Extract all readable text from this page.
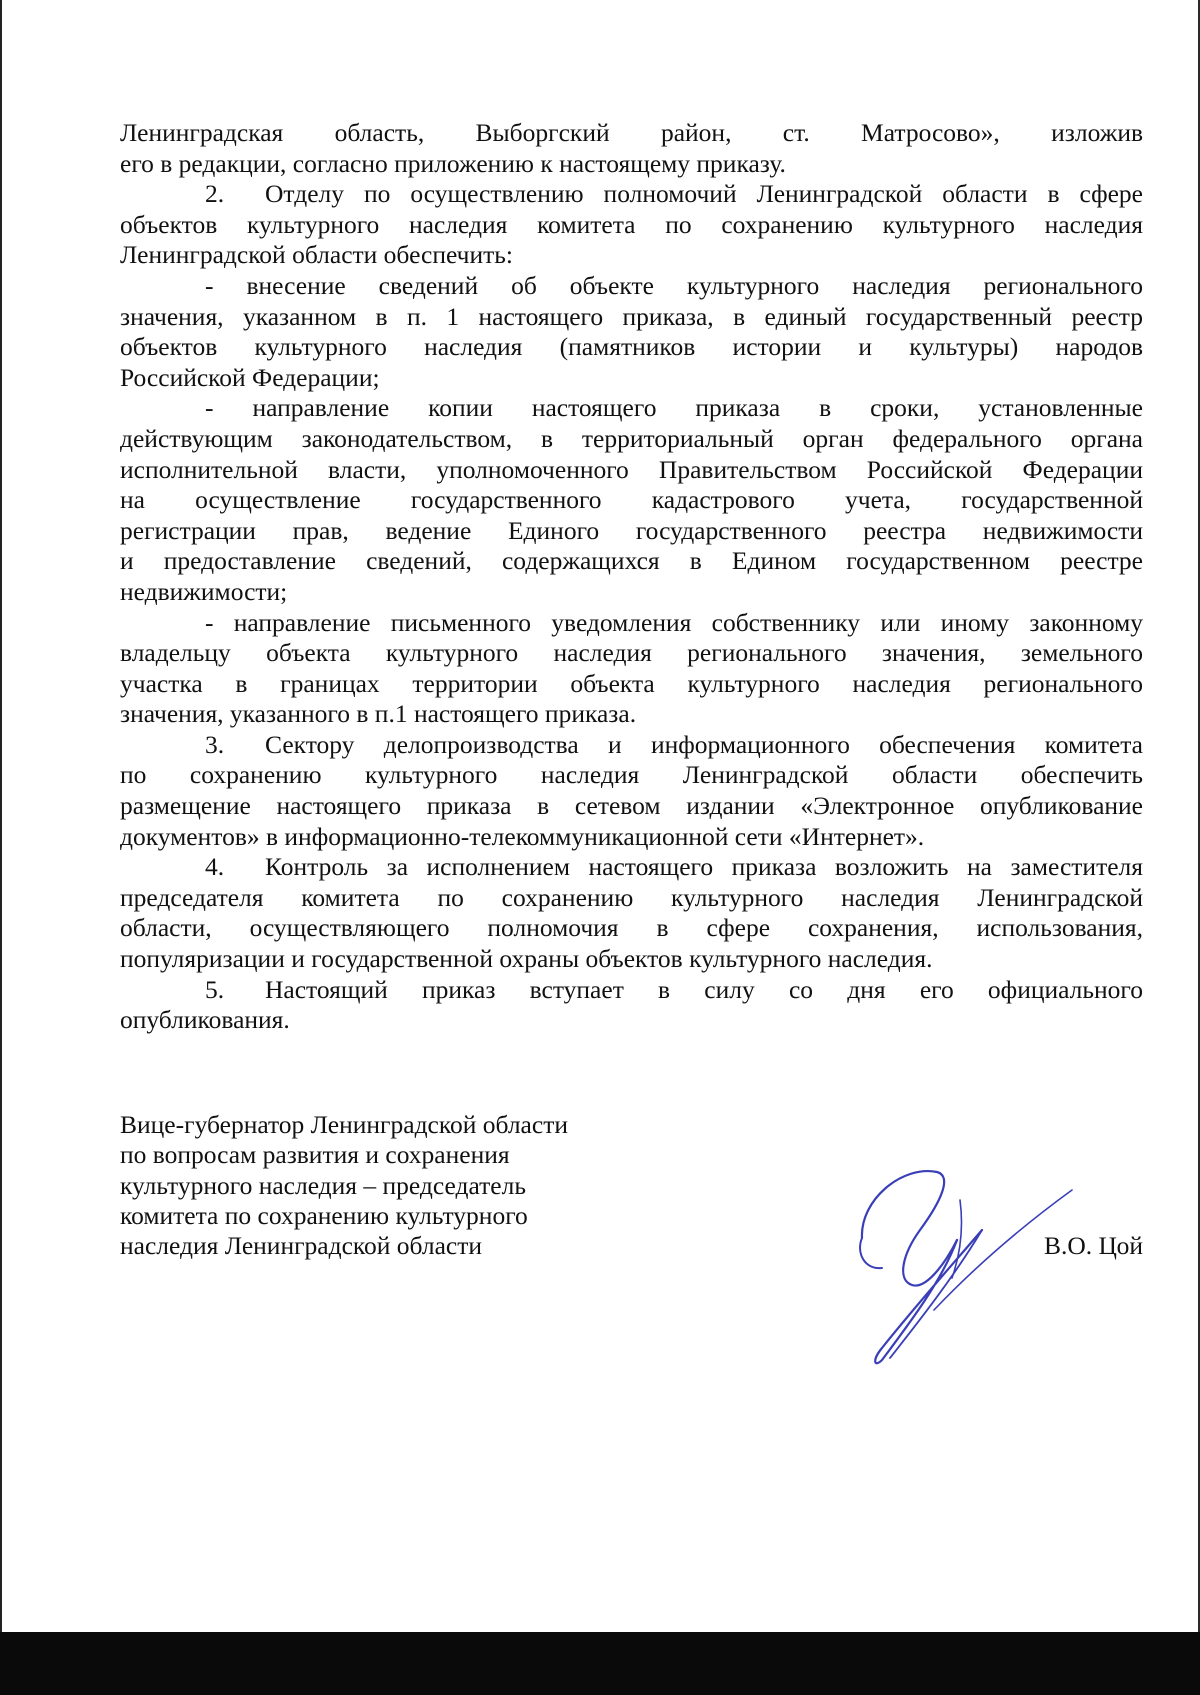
Ленинградская область, Выборгский район, ст. Матросово», изложив
его в редакции, согласно приложению к настоящему приказу.
2. Отделу по осуществлению полномочий Ленинградской области в сфере
объектов культурного наследия комитета по сохранению культурного наследия
Ленинградской области обеспечить:
- внесение сведений об объекте культурного наследия регионального
значения, указанном в п. 1 настоящего приказа, в единый государственный реестр
объектов культурного наследия (памятников истории и культуры) народов
Российской Федерации;
- направление копии настоящего приказа в сроки, установленные
действующим законодательством, в территориальный орган федерального органа
исполнительной власти, уполномоченного Правительством Российской Федерации
на осуществление государственного кадастрового учета, государственной
регистрации прав, ведение Единого государственного реестра недвижимости
и предоставление сведений, содержащихся в Едином государственном реестре
недвижимости;
- направление письменного уведомления собственнику или иному законному
владельцу объекта культурного наследия регионального значения, земельного
участка в границах территории объекта культурного наследия регионального
значения, указанного в п.1 настоящего приказа.
3. Сектору делопроизводства и информационного обеспечения комитета
по сохранению культурного наследия Ленинградской области обеспечить
размещение настоящего приказа в сетевом издании «Электронное опубликование
документов» в информационно-телекоммуникационной сети «Интернет».
4. Контроль за исполнением настоящего приказа возложить на заместителя
председателя комитета по сохранению культурного наследия Ленинградской
области, осуществляющего полномочия в сфере сохранения, использования,
популяризации и государственной охраны объектов культурного наследия.
5. Настоящий приказ вступает в силу со дня его официального
опубликования.
Вице-губернатор Ленинградской области
по вопросам развития и сохранения
культурного наследия – председатель
комитета по сохранению культурного
наследия Ленинградской области	В.О. Цой
